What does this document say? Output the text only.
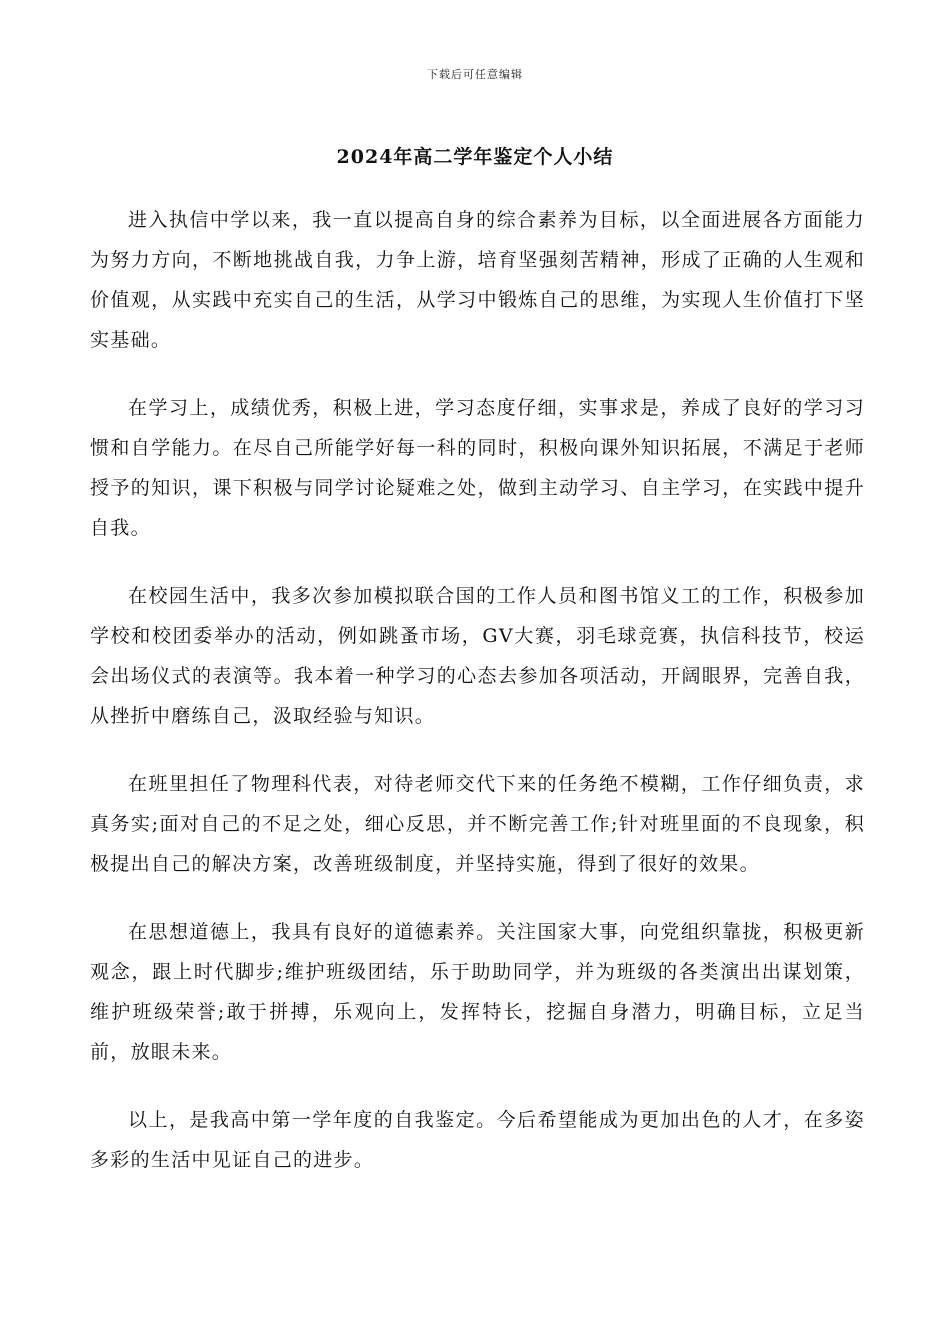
下载后可任意编辑
2024年高二学年鉴定个人小结

进入执信中学以来，我一直以提高自身的综合素养为目标，以全面进展各方面能力为努力方向，不断地挑战自我，力争上游，培育坚强刻苦精神，形成了正确的人生观和价值观，从实践中充实自己的生活，从学习中锻炼自己的思维，为实现人生价值打下坚实基础。

在学习上，成绩优秀，积极上进，学习态度仔细，实事求是，养成了良好的学习习惯和自学能力。在尽自己所能学好每一科的同时，积极向课外知识拓展，不满足于老师授予的知识，课下积极与同学讨论疑难之处，做到主动学习、自主学习，在实践中提升自我。

在校园生活中，我多次参加模拟联合国的工作人员和图书馆义工的工作，积极参加学校和校团委举办的活动，例如跳蚤市场，GV大赛，羽毛球竞赛，执信科技节，校运会出场仪式的表演等。我本着一种学习的心态去参加各项活动，开阔眼界，完善自我，从挫折中磨练自己，汲取经验与知识。

在班里担任了物理科代表，对待老师交代下来的任务绝不模糊，工作仔细负责，求真务实;面对自己的不足之处，细心反思，并不断完善工作;针对班里面的不良现象，积极提出自己的解决方案，改善班级制度，并坚持实施，得到了很好的效果。

在思想道德上，我具有良好的道德素养。关注国家大事，向党组织靠拢，积极更新观念，跟上时代脚步;维护班级团结，乐于助助同学，并为班级的各类演出出谋划策，维护班级荣誉;敢于拼搏，乐观向上，发挥特长，挖掘自身潜力，明确目标，立足当前，放眼未来。

以上，是我高中第一学年度的自我鉴定。今后希望能成为更加出色的人才，在多姿多彩的生活中见证自己的进步。
